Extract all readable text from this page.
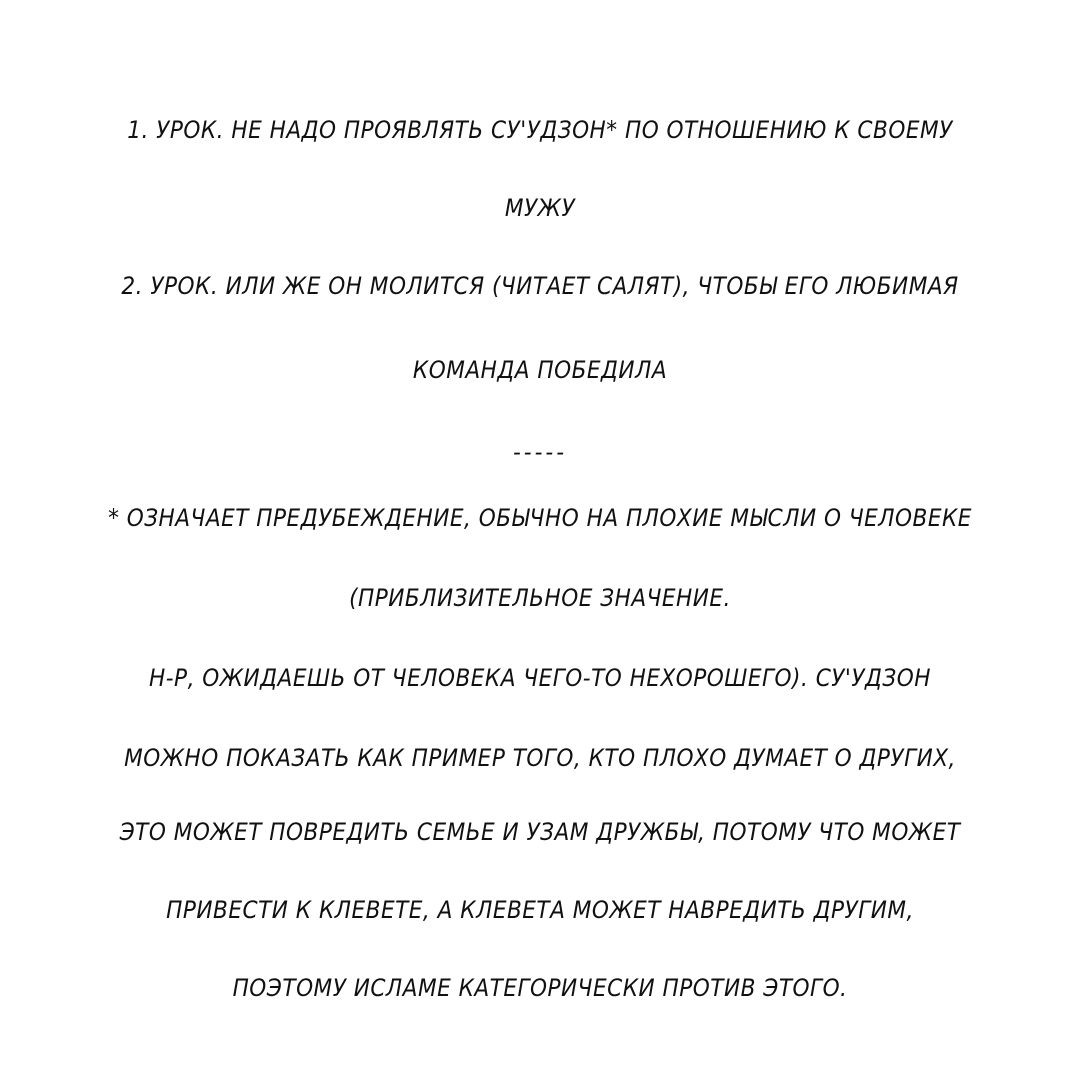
1. УРОК. НЕ НАДО ПРОЯВЛЯТЬ СУ'УДЗОН* ПО ОТНОШЕНИЮ К СВОЕМУ
МУЖУ
2. УРОК. ИЛИ ЖЕ ОН МОЛИТСЯ (ЧИТАЕТ САЛЯТ), ЧТОБЫ ЕГО ЛЮБИМАЯ
КОМАНДА ПОБЕДИЛА
-----
* ОЗНАЧАЕТ ПРЕДУБЕЖДЕНИЕ, ОБЫЧНО НА ПЛОХИЕ МЫСЛИ О ЧЕЛОВЕКЕ
(ПРИБЛИЗИТЕЛЬНОЕ ЗНАЧЕНИЕ.
Н-Р, ОЖИДАЕШЬ ОТ ЧЕЛОВЕКА ЧЕГО-ТО НЕХОРОШЕГО). СУ'УДЗОН
МОЖНО ПОКАЗАТЬ КАК ПРИМЕР ТОГО, КТО ПЛОХО ДУМАЕТ О ДРУГИХ,
ЭТО МОЖЕТ ПОВРЕДИТЬ СЕМЬЕ И УЗАМ ДРУЖБЫ, ПОТОМУ ЧТО МОЖЕТ
ПРИВЕСТИ К КЛЕВЕТЕ, А КЛЕВЕТА МОЖЕТ НАВРЕДИТЬ ДРУГИМ,
ПОЭТОМУ ИСЛАМЕ КАТЕГОРИЧЕСКИ ПРОТИВ ЭТОГО.
